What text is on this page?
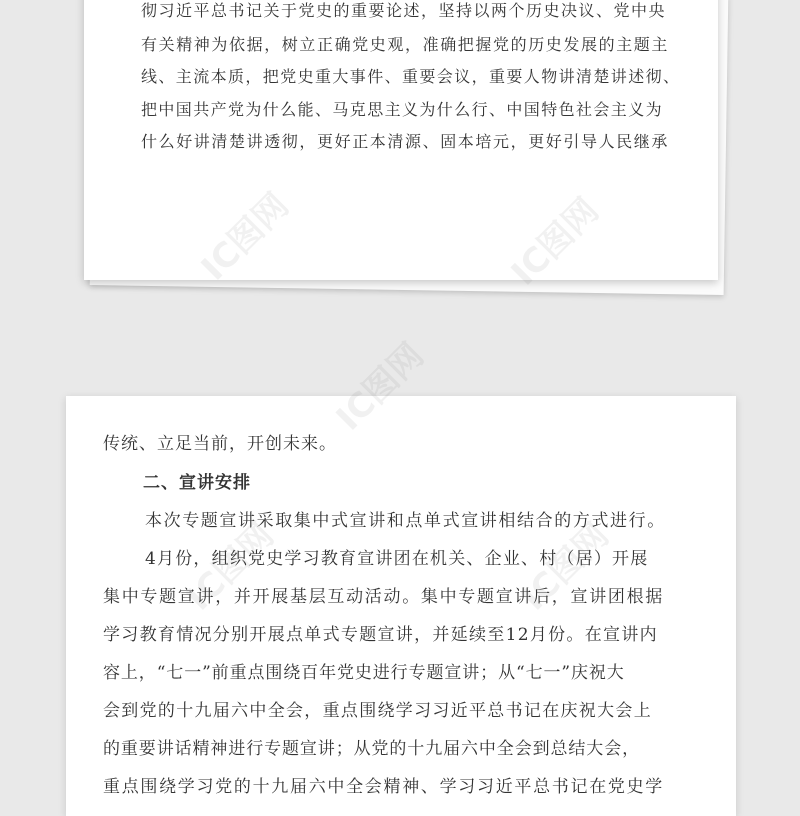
彻习近平总书记关于党史的重要论述，坚持以两个历史决议、党中央
有关精神为依据，树立正确党史观，准确把握党的历史发展的主题主
线、主流本质，把党史重大事件、重要会议，重要人物讲清楚讲述彻、
把中国共产党为什么能、马克思主义为什么行、中国特色社会主义为
什么好讲清楚讲透彻，更好正本清源、固本培元，更好引导人民继承
传统、立足当前，开创未来。
二、宣讲安排
本次专题宣讲采取集中式宣讲和点单式宣讲相结合的方式进行。
4月份，组织党史学习教育宣讲团在机关、企业、村（居）开展
集中专题宣讲，并开展基层互动活动。集中专题宣讲后，宣讲团根据
学习教育情况分别开展点单式专题宣讲，并延续至12月份。在宣讲内
容上，“七一”前重点围绕百年党史进行专题宣讲；从“七一”庆祝大
会到党的十九届六中全会，重点围绕学习习近平总书记在庆祝大会上
的重要讲话精神进行专题宣讲；从党的十九届六中全会到总结大会，
重点围绕学习党的十九届六中全会精神、学习习近平总书记在党史学
IC图网
